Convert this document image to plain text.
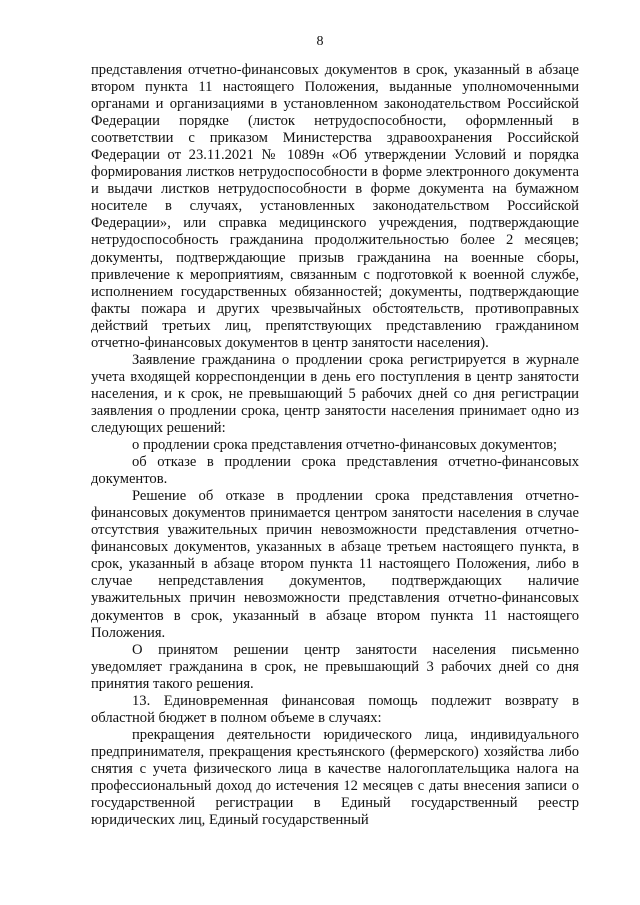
8

представления отчетно-финансовых документов в срок, указанный в абзаце втором пункта 11 настоящего Положения, выданные уполномоченными органами и организациями в установленном законодательством Российской Федерации порядке (листок нетрудоспособности, оформленный в соответствии с приказом Министерства здравоохранения Российской Федерации от 23.11.2021 № 1089н «Об утверждении Условий и порядка формирования листков нетрудоспособности в форме электронного документа и выдачи листков нетрудоспособности в форме документа на бумажном носителе в случаях, установленных законодательством Российской Федерации», или справка медицинского учреждения, подтверждающие нетрудоспособность гражданина продолжительностью более 2 месяцев; документы, подтверждающие призыв гражданина на военные сборы, привлечение к мероприятиям, связанным с подготовкой к военной службе, исполнением государственных обязанностей; документы, подтверждающие факты пожара и других чрезвычайных обстоятельств, противоправных действий третьих лиц, препятствующих представлению гражданином отчетно-финансовых документов в центр занятости населения).

Заявление гражданина о продлении срока регистрируется в журнале учета входящей корреспонденции в день его поступления в центр занятости населения, и к срок, не превышающий 5 рабочих дней со дня регистрации заявления о продлении срока, центр занятости населения принимает одно из следующих решений:

о продлении срока представления отчетно-финансовых документов;

об отказе в продлении срока представления отчетно-финансовых документов.

Решение об отказе в продлении срока представления отчетно-финансовых документов принимается центром занятости населения в случае отсутствия уважительных причин невозможности представления отчетно-финансовых документов, указанных в абзаце третьем настоящего пункта, в срок, указанный в абзаце втором пункта 11 настоящего Положения, либо в случае непредставления документов, подтверждающих наличие уважительных причин невозможности представления отчетно-финансовых документов в срок, указанный в абзаце втором пункта 11 настоящего Положения.

О принятом решении центр занятости населения письменно уведомляет гражданина в срок, не превышающий 3 рабочих дней со дня принятия такого решения.

13. Единовременная финансовая помощь подлежит возврату в областной бюджет в полном объеме в случаях:

прекращения деятельности юридического лица, индивидуального предпринимателя, прекращения крестьянского (фермерского) хозяйства либо снятия с учета физического лица в качестве налогоплательщика налога на профессиональный доход до истечения 12 месяцев с даты внесения записи о государственной регистрации в Единый государственный реестр юридических лиц, Единый государственный
